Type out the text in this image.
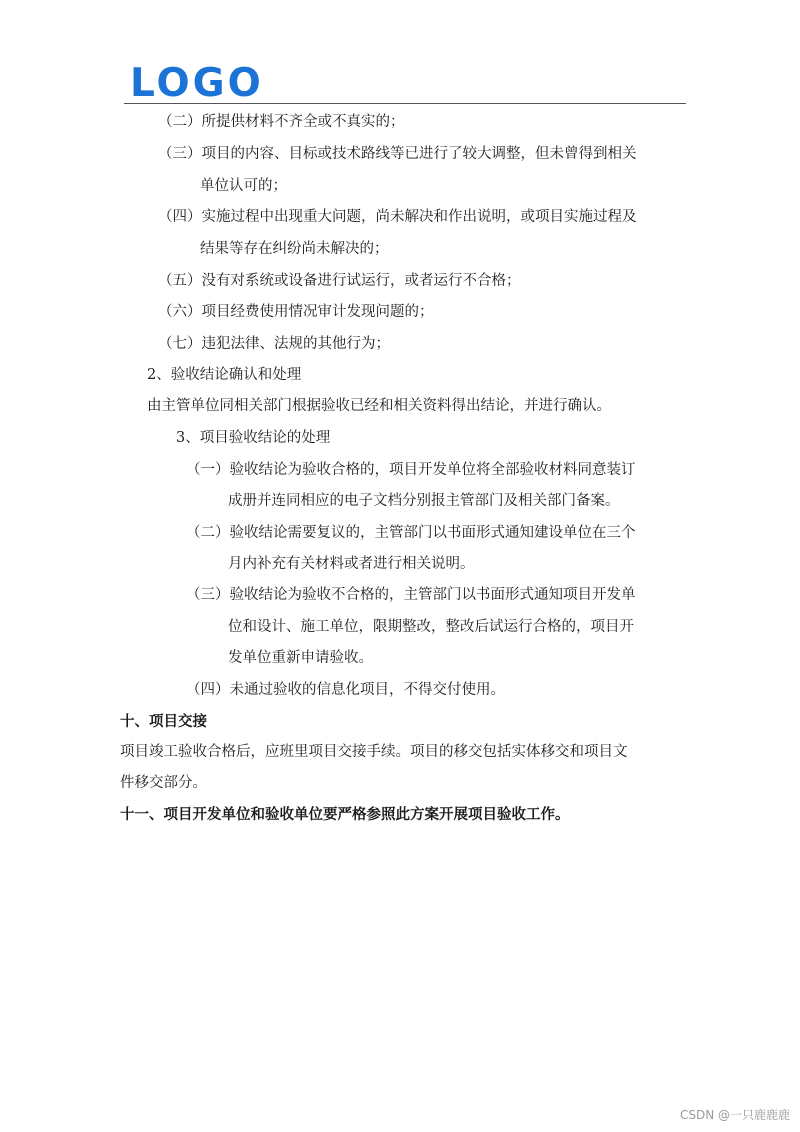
LOGO
（二）所提供材料不齐全或不真实的；
（三）项目的内容、目标或技术路线等已进行了较大调整，但未曾得到相关
单位认可的；
（四）实施过程中出现重大问题，尚未解决和作出说明，或项目实施过程及
结果等存在纠纷尚未解决的；
（五）没有对系统或设备进行试运行，或者运行不合格；
（六）项目经费使用情况审计发现问题的；
（七）违犯法律、法规的其他行为；
2、验收结论确认和处理
由主管单位同相关部门根据验收已经和相关资料得出结论，并进行确认。
3、项目验收结论的处理
（一）验收结论为验收合格的，项目开发单位将全部验收材料同意装订
成册并连同相应的电子文档分别报主管部门及相关部门备案。
（二）验收结论需要复议的，主管部门以书面形式通知建设单位在三个
月内补充有关材料或者进行相关说明。
（三）验收结论为验收不合格的，主管部门以书面形式通知项目开发单
位和设计、施工单位，限期整改，整改后试运行合格的，项目开
发单位重新申请验收。
（四）未通过验收的信息化项目，不得交付使用。
十、项目交接
项目竣工验收合格后，应班里项目交接手续。项目的移交包括实体移交和项目文
件移交部分。
十一、项目开发单位和验收单位要严格参照此方案开展项目验收工作。
CSDN @一只鹿鹿鹿
